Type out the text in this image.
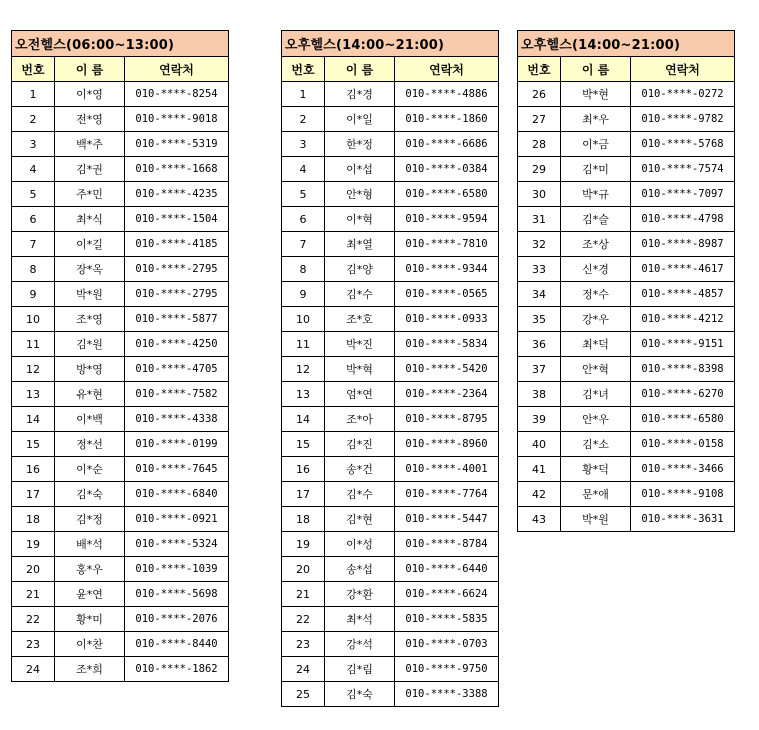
오전헬스(06:00~13:00)		
번호	이 름	연락처
1	이*영	010-****-8254
2	전*영	010-****-9018
3	백*주	010-****-5319
4	김*권	010-****-1668
5	주*민	010-****-4235
6	최*식	010-****-1504
7	이*길	010-****-4185
8	장*옥	010-****-2795
9	박*원	010-****-2795
10	조*영	010-****-5877
11	김*원	010-****-4250
12	방*영	010-****-4705
13	유*현	010-****-7582
14	이*백	010-****-4338
15	정*선	010-****-0199
16	이*순	010-****-7645
17	김*숙	010-****-6840
18	김*정	010-****-0921
19	배*석	010-****-5324
20	홍*우	010-****-1039
21	윤*연	010-****-5698
22	황*미	010-****-2076
23	이*찬	010-****-8440
24	조*희	010-****-1862
오후헬스(14:00~21:00)		
번호	이 름	연락처
1	김*경	010-****-4886
2	이*일	010-****-1860
3	한*정	010-****-6686
4	이*섭	010-****-0384
5	안*형	010-****-6580
6	이*혁	010-****-9594
7	최*열	010-****-7810
8	김*양	010-****-9344
9	김*수	010-****-0565
10	조*호	010-****-0933
11	박*진	010-****-5834
12	박*혁	010-****-5420
13	엄*연	010-****-2364
14	조*아	010-****-8795
15	김*진	010-****-8960
16	송*건	010-****-4001
17	김*수	010-****-7764
18	김*현	010-****-5447
19	이*성	010-****-8784
20	송*섭	010-****-6440
21	강*환	010-****-6624
22	최*석	010-****-5835
23	강*석	010-****-0703
24	김*림	010-****-9750
25	김*숙	010-****-3388
오후헬스(14:00~21:00)		
번호	이 름	연락처
26	박*현	010-****-0272
27	최*우	010-****-9782
28	이*금	010-****-5768
29	김*미	010-****-7574
30	박*규	010-****-7097
31	김*슬	010-****-4798
32	조*상	010-****-8987
33	신*경	010-****-4617
34	정*수	010-****-4857
35	강*우	010-****-4212
36	최*덕	010-****-9151
37	안*혁	010-****-8398
38	김*녀	010-****-6270
39	안*우	010-****-6580
40	김*소	010-****-0158
41	황*덕	010-****-3466
42	문*애	010-****-9108
43	박*원	010-****-3631
